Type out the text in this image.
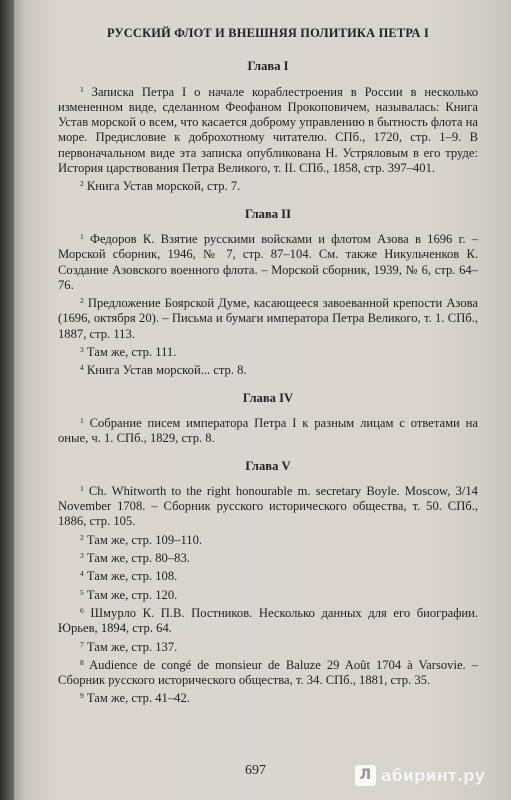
РУССКИЙ ФЛОТ И ВНЕШНЯЯ ПОЛИТИКА ПЕТРА I
Глава I

$^1$ Записка Петра I о начале кораблестроения в России в несколько измененном виде, сделанном Феофаном Прокоповичем, называлась: Книга Устав морской о всем, что касается доброму управлению в бытность флота на море. Предисловие к доброхотному читателю. СПб., 1720, стр. 1–9. В первоначальном виде эта записка опубликована Н. Устряловым в его труде: История царствования Петра Великого, т. II. СПб., 1858, стр. 397–401.

$^2$ Книга Устав морской, стр. 7.

Глава II

$^1$ Федоров К. Взятие русскими войсками и флотом Азова в 1696 г. – Морской сборник, 1946, № 7, стр. 87–104. См. также Никульченков К. Создание Азовского военного флота. – Морской сборник, 1939, № 6, стр. 64–76.

$^2$ Предложение Боярской Думе, касающееся завоеванной крепости Азова (1696, октября 20). – Письма и бумаги императора Петра Великого, т. 1. СПб., 1887, стр. 113.

$^3$ Там же, стр. 111.

$^4$ Книга Устав морской... стр. 8.

Глава IV

$^1$ Собрание писем императора Петра I к разным лицам с ответами на оные, ч. 1. СПб., 1829, стр. 8.

Глава V

$^1$ Ch. Whitworth to the right honourable m. secretary Boyle. Moscow, 3/14 November 1708. – Сборник русского исторического общества, т. 50. СПб., 1886, стр. 105.

$^2$ Там же, стр. 109–110.

$^3$ Там же, стр. 80–83.

$^4$ Там же, стр. 108.

$^5$ Там же, стр. 120.

$^6$ Шмурло К. П.В. Постников. Несколько данных для его биографии. Юрьев, 1894, стр. 64.

$^7$ Там же, стр. 137.

$^8$ Audience de congé de monsieur de Baluze 29 Août 1704 à Varsovie. – Сборник русского исторического общества, т. 34. СПб., 1881, стр. 35.

$^9$ Там же, стр. 41–42.

697	Л абиринт.ру
